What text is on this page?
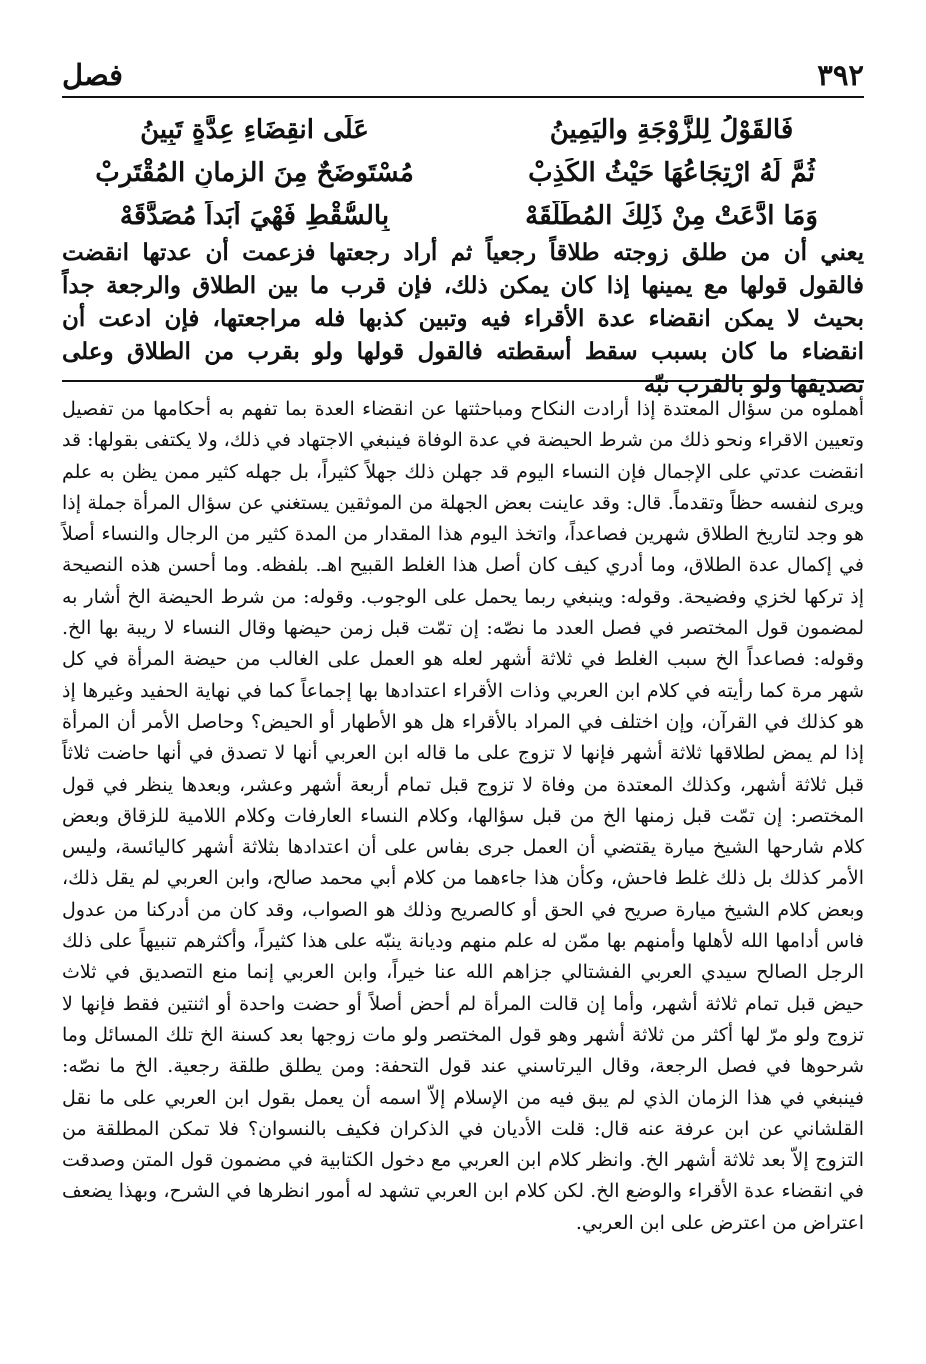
٣٩٢
فصل
فَالقَوْلُ لِلزَّوْجَةِ واليَمِينُ
عَلَى انقِضَاءِ عِدَّةٍ تَبِينُ
ثُمَّ لَهُ ارْتِجَاعُهَا حَيْثُ الكَذِبْ
مُسْتَوضَحٌ مِنَ الزمانِ المُقْتَرِبْ
وَمَا ادَّعَتْ مِنْ ذَلِكَ المُطَلَّقَهْ
بِالسُّقْطِ فَهْيَ أبَداً مُصَدَّقَهْ

يعني أن من طلق زوجته طلاقاً رجعياً ثم أراد رجعتها فزعمت أن عدتها انقضت فالقول قولها مع يمينها إذا كان يمكن ذلك، فإن قرب ما بين الطلاق والرجعة جداً بحيث لا يمكن انقضاء عدة الأقراء فيه وتبين كذبها فله مراجعتها، فإن ادعت أن انقضاء ما كان بسبب سقط أسقطته فالقول قولها ولو بقرب من الطلاق وعلى تصديقها ولو بالقرب نبّه

أهملوه من سؤال المعتدة إذا أرادت النكاح ومباحثتها عن انقضاء العدة بما تفهم به أحكامها من تفصيل وتعيين الاقراء ونحو ذلك من شرط الحيضة في عدة الوفاة فينبغي الاجتهاد في ذلك، ولا يكتفى بقولها: قد انقضت عدتي على الإجمال فإن النساء اليوم قد جهلن ذلك جهلاً كثيراً، بل جهله كثير ممن يظن به علم ويرى لنفسه حظاً وتقدماً. قال: وقد عاينت بعض الجهلة من الموثقين يستغني عن سؤال المرأة جملة إذا هو وجد لتاريخ الطلاق شهرين فصاعداً، واتخذ اليوم هذا المقدار من المدة كثير من الرجال والنساء أصلاً في إكمال عدة الطلاق، وما أدري كيف كان أصل هذا الغلط القبيح اهـ. بلفظه. وما أحسن هذه النصيحة إذ تركها لخزي وفضيحة. وقوله: وينبغي ربما يحمل على الوجوب. وقوله: من شرط الحيضة الخ أشار به لمضمون قول المختصر في فصل العدد ما نصّه: إن تمّت قبل زمن حيضها وقال النساء لا ريبة بها الخ. وقوله: فصاعداً الخ سبب الغلط في ثلاثة أشهر لعله هو العمل على الغالب من حيضة المرأة في كل شهر مرة كما رأيته في كلام ابن العربي وذات الأقراء اعتدادها بها إجماعاً كما في نهاية الحفيد وغيرها إذ هو كذلك في القرآن، وإن اختلف في المراد بالأقراء هل هو الأطهار أو الحيض؟ وحاصل الأمر أن المرأة إذا لم يمض لطلاقها ثلاثة أشهر فإنها لا تزوج على ما قاله ابن العربي أنها لا تصدق في أنها حاضت ثلاثاً قبل ثلاثة أشهر، وكذلك المعتدة من وفاة لا تزوج قبل تمام أربعة أشهر وعشر، وبعدها ينظر في قول المختصر: إن تمّت قبل زمنها الخ من قبل سؤالها، وكلام النساء العارفات وكلام اللامية للزقاق وبعض كلام شارحها الشيخ ميارة يقتضي أن العمل جرى بفاس على أن اعتدادها بثلاثة أشهر كاليائسة، وليس الأمر كذلك بل ذلك غلط فاحش، وكأن هذا جاءهما من كلام أبي محمد صالح، وابن العربي لم يقل ذلك، وبعض كلام الشيخ ميارة صريح في الحق أو كالصريح وذلك هو الصواب، وقد كان من أدركنا من عدول فاس أدامها الله لأهلها وأمنهم بها ممّن له علم منهم وديانة ينبّه على هذا كثيراً، وأكثرهم تنبيهاً على ذلك الرجل الصالح سيدي العربي الفشتالي جزاهم الله عنا خيراً، وابن العربي إنما منع التصديق في ثلاث حيض قبل تمام ثلاثة أشهر، وأما إن قالت المرأة لم أحض أصلاً أو حضت واحدة أو اثنتين فقط فإنها لا تزوج ولو مرّ لها أكثر من ثلاثة أشهر وهو قول المختصر ولو مات زوجها بعد كسنة الخ تلك المسائل وما شرحوها في فصل الرجعة، وقال اليرتاسني عند قول التحفة: ومن يطلق طلقة رجعية. الخ ما نصّه: فينبغي في هذا الزمان الذي لم يبق فيه من الإسلام إلاّ اسمه أن يعمل بقول ابن العربي على ما نقل القلشاني عن ابن عرفة عنه قال: قلت الأديان في الذكران فكيف بالنسوان؟ فلا تمكن المطلقة من التزوج إلاّ بعد ثلاثة أشهر الخ. وانظر كلام ابن العربي مع دخول الكتابية في مضمون قول المتن وصدقت في انقضاء عدة الأقراء والوضع الخ. لكن كلام ابن العربي تشهد له أمور انظرها في الشرح، وبهذا يضعف اعتراض من اعترض على ابن العربي.
